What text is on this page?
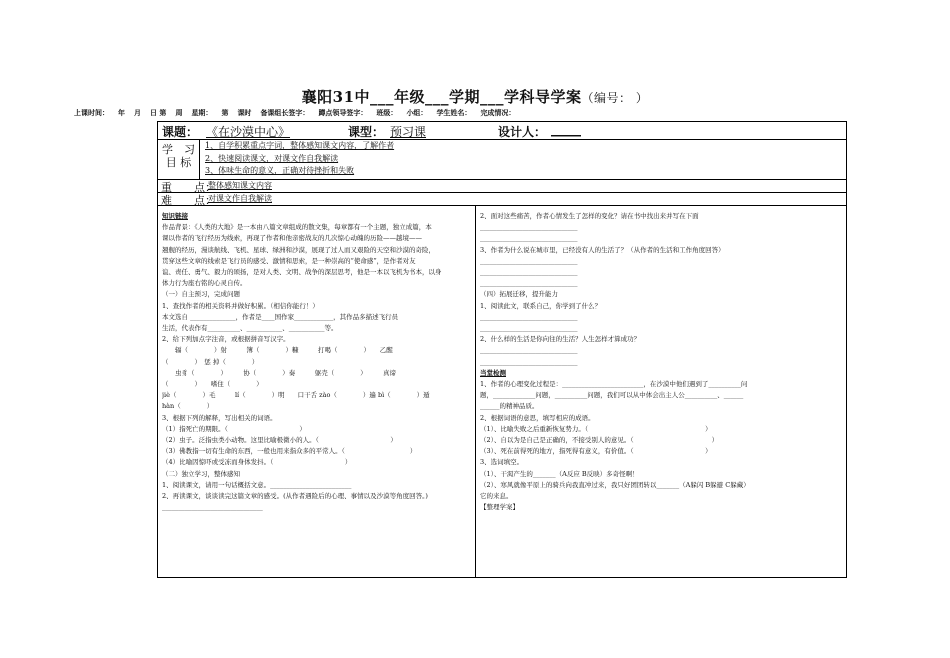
襄阳31中___年级___学期___学科导学案（编号： ）
上课时间： 年 月 日 第 周 星期： 第 课时 备课组长签字： 蹲点领导签字： 班级： 小组： 学生姓名： 完成情况：
课题： 《在沙漠中心》	课型： 预习课	设计人： _____
学　习
目 标
1、自学积累重点字词，整体感知课文内容，了解作者
2、快速阅读课文，对课文作自我解读
3、体味生命的意义，正确对待挫折和失败
重　　点：
整体感知课文内容
难　　点：
对课文作自我解读
知识链接
作品背景：《人类的大地》是一本由八篇文章组成的散文集，每章都有一个主题，独立成篇，本
课以作者的飞行经历为线索，再现了作者和他亲密战友的几次惊心动魄的历险——越境——
翘舰的经历，漫谈航线、飞机、星球、绿洲和沙漠，展现了过人而又艰险的天空和沙漠的奇险，
贯穿这些文章的线索是飞行员的感受、激情和思索，是一种崇高的“使命感”，是作者对友
谊、责任、勇气、毅力的颂扬，是对人类、文明、战争的深层思考，他是一本以飞机为书本，以身
体力行为座右铭的心灵自传。
（一）自主预习，完成问题
1、查找作者的相关资料并做好积累。（相信你能行！）
本文选自 ______________，作者是____国作家____________，其作品多描述飞行员
生活，代表作有__________、___________、___________等。
2、给下列加点字注音，或根据拼音写汉字。
　　辐（　　　　）射　　　簿（　　　　）糠　　　打喝（　　　　）　　乙醒
（　　　　）　惩 掉（　　　　）
　　虫豸（　　　　）　　　协（　　　　）奏　　　躯壳（　　　　）　　　真谛
（　　　　）　　嗜住（　　　　）
jiè（　　　　）毛　　　lí（　　　　）明　　口干舌 zào（　　　　）遍 bì（　　　　）遁
hàn（　　　　）
3、根据下列的解释，写出相关的词语。
（1）指死亡的期限。（　　　　　　　　　　　）
（2）虫子。泛指虫类小动物。这里比喻极微小的人。（　　　　　　　　　　　）
（3）佛教指一切有生命的东西，一般也用来指众多的平常人。（　　　　　　　　　　）
（4）比喻因惊吓或受冻而身体发抖。（　　　　　　　　　　　）
（二）独立学习，整体感知
1、阅读课文，请用一句话概括文意。_________________________
2、再读课文，谈谈读完这篇文章的感受。(从作者遇险后的心理、事情以及沙漠等角度回答。)
_______________________________
2、面对这些痛苦，作者心情发生了怎样的变化？请在书中找出来并写在下面
______________________________
______________________________
3、作者为什么说在城市里，已经没有人的生活了？（从作者的生活和工作角度回答）
______________________________
______________________________
______________________________
（四）拓展迁移，提升能力
1、阅读此文，联系自己，你学到了什么？
______________________________
______________________________
2、什么样的生活是你向往的生活？人生怎样才算成功？
______________________________
______________________________
当堂检测
1、作者的心理变化过程是：_________________________，在沙漠中他们遇到了__________问
题，_____________问题，__________问题，我们可以从中体会出主人公__________、______
______的精神品质。
2、根据词语的意思，填写相应的成语。
（1）、比喻失败之后重新恢复势力。（　　　　　　　　　　　　　　　　　　）
（2）、自以为是自己是正确的，不接受别人的意见。（　　　　　　　　　　　　）
（3）、死在前得死的地方，指死得有意义，有价值。（　　　　　　　　　　　）
3、选词填空。
（1）、干渴产生的_______（A反应 B反映）多奇怪啊！
（2）、寒风就像平原上的骑兵向我直冲过来，我只好团团转以_______（A躲闪 B躲避 C躲藏）
它的来息。
【整理学案】
